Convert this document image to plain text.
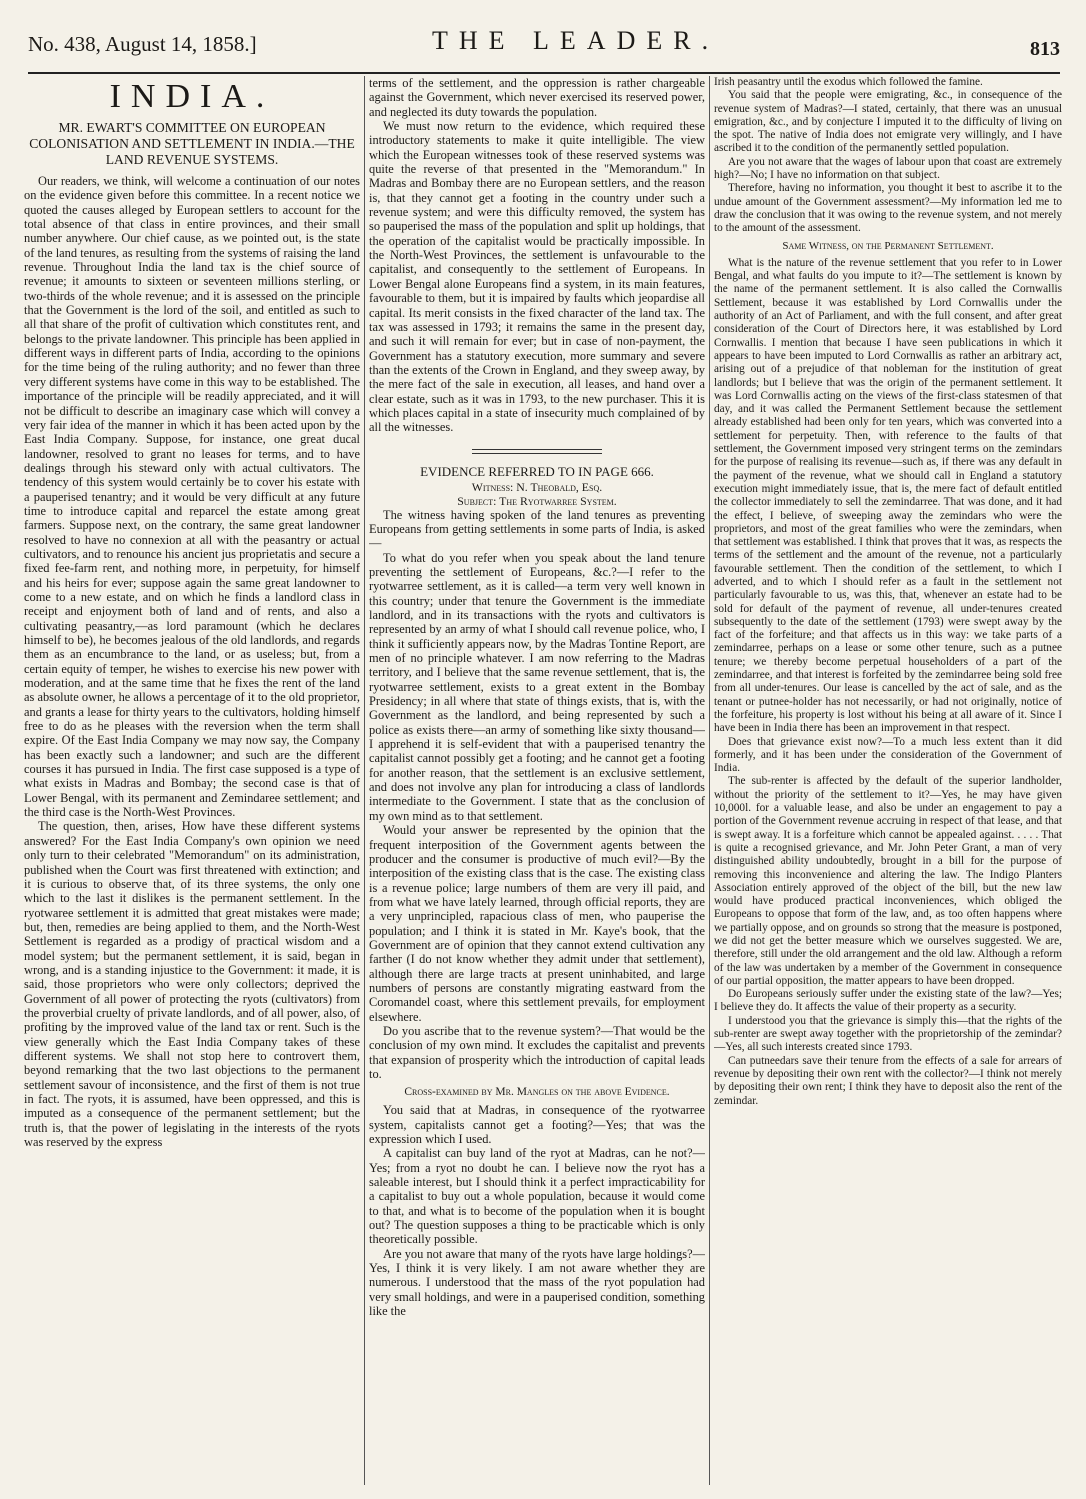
No. 438, August 14, 1858.]	THE LEADER.	813
INDIA.
MR. EWART'S COMMITTEE ON EUROPEAN COLONISATION AND SETTLEMENT IN INDIA.—THE LAND REVENUE SYSTEMS.

Our readers, we think, will welcome a continuation of our notes on the evidence given before this committee. In a recent notice we quoted the causes alleged by European settlers to account for the total absence of that class in entire provinces, and their small number anywhere. Our chief cause, as we pointed out, is the state of the land tenures, as resulting from the systems of raising the land revenue. Throughout India the land tax is the chief source of revenue; it amounts to sixteen or seventeen millions sterling, or two-thirds of the whole revenue; and it is assessed on the principle that the Government is the lord of the soil, and entitled as such to all that share of the profit of cultivation which constitutes rent, and belongs to the private landowner. This principle has been applied in different ways in different parts of India, according to the opinions for the time being of the ruling authority; and no fewer than three very different systems have come in this way to be established. The importance of the principle will be readily appreciated, and it will not be difficult to describe an imaginary case which will convey a very fair idea of the manner in which it has been acted upon by the East India Company. Suppose, for instance, one great ducal landowner, resolved to grant no leases for terms, and to have dealings through his steward only with actual cultivators. The tendency of this system would certainly be to cover his estate with a pauperised tenantry; and it would be very difficult at any future time to introduce capital and reparcel the estate among great farmers. Suppose next, on the contrary, the same great landowner resolved to have no connexion at all with the peasantry or actual cultivators, and to renounce his ancient jus proprietatis and secure a fixed fee-farm rent, and nothing more, in perpetuity, for himself and his heirs for ever; suppose again the same great landowner to come to a new estate, and on which he finds a landlord class in receipt and enjoyment both of land and of rents, and also a cultivating peasantry,—as lord paramount (which he declares himself to be), he becomes jealous of the old landlords, and regards them as an encumbrance to the land, or as useless; but, from a certain equity of temper, he wishes to exercise his new power with moderation, and at the same time that he fixes the rent of the land as absolute owner, he allows a percentage of it to the old proprietor, and grants a lease for thirty years to the cultivators, holding himself free to do as he pleases with the reversion when the term shall expire. Of the East India Company we may now say, the Company has been exactly such a landowner; and such are the different courses it has pursued in India. The first case supposed is a type of what exists in Madras and Bombay; the second case is that of Lower Bengal, with its permanent and Zemindaree settlement; and the third case is the North-West Provinces.

The question, then, arises, How have these different systems answered? For the East India Company's own opinion we need only turn to their celebrated "Memorandum" on its administration, published when the Court was first threatened with extinction; and it is curious to observe that, of its three systems, the only one which to the last it dislikes is the permanent settlement. In the ryotwaree settlement it is admitted that great mistakes were made; but, then, remedies are being applied to them, and the North-West Settlement is regarded as a prodigy of practical wisdom and a model system; but the permanent settlement, it is said, began in wrong, and is a standing injustice to the Government: it made, it is said, those proprietors who were only collectors; deprived the Government of all power of protecting the ryots (cultivators) from the proverbial cruelty of private landlords, and of all power, also, of profiting by the improved value of the land tax or rent. Such is the view generally which the East India Company takes of these different systems. We shall not stop here to controvert them, beyond remarking that the two last objections to the permanent settlement savour of inconsistence, and the first of them is not true in fact. The ryots, it is assumed, have been oppressed, and this is imputed as a consequence of the permanent settlement; but the truth is, that the power of legislating in the interests of the ryots was reserved by the express

terms of the settlement, and the oppression is rather chargeable against the Government, which never exercised its reserved power, and neglected its duty towards the population.

We must now return to the evidence, which required these introductory statements to make it quite intelligible. The view which the European witnesses took of these reserved systems was quite the reverse of that presented in the "Memorandum." In Madras and Bombay there are no European settlers, and the reason is, that they cannot get a footing in the country under such a revenue system; and were this difficulty removed, the system has so pauperised the mass of the population and split up holdings, that the operation of the capitalist would be practically impossible. In the North-West Provinces, the settlement is unfavourable to the capitalist, and consequently to the settlement of Europeans. In Lower Bengal alone Europeans find a system, in its main features, favourable to them, but it is impaired by faults which jeopardise all capital. Its merit consists in the fixed character of the land tax. The tax was assessed in 1793; it remains the same in the present day, and such it will remain for ever; but in case of non-payment, the Government has a statutory execution, more summary and severe than the extents of the Crown in England, and they sweep away, by the mere fact of the sale in execution, all leases, and hand over a clear estate, such as it was in 1793, to the new purchaser. This it is which places capital in a state of insecurity much complained of by all the witnesses.

EVIDENCE REFERRED TO IN PAGE 666.
Witness: N. Theobald, Esq.
Subject: The Ryotwarree System.

The witness having spoken of the land tenures as preventing Europeans from getting settlements in some parts of India, is asked—

To what do you refer when you speak about the land tenure preventing the settlement of Europeans, &c.?—I refer to the ryotwarree settlement, as it is called—a term very well known in this country; under that tenure the Government is the immediate landlord, and in its transactions with the ryots and cultivators is represented by an army of what I should call revenue police, who, I think it sufficiently appears now, by the Madras Tontine Report, are men of no principle whatever. I am now referring to the Madras territory, and I believe that the same revenue settlement, that is, the ryotwarree settlement, exists to a great extent in the Bombay Presidency; in all where that state of things exists, that is, with the Government as the landlord, and being represented by such a police as exists there—an army of something like sixty thousand—I apprehend it is self-evident that with a pauperised tenantry the capitalist cannot possibly get a footing; and he cannot get a footing for another reason, that the settlement is an exclusive settlement, and does not involve any plan for introducing a class of landlords intermediate to the Government. I state that as the conclusion of my own mind as to that settlement.

Would your answer be represented by the opinion that the frequent interposition of the Government agents between the producer and the consumer is productive of much evil?—By the interposition of the existing class that is the case. The existing class is a revenue police; large numbers of them are very ill paid, and from what we have lately learned, through official reports, they are a very unprincipled, rapacious class of men, who pauperise the population; and I think it is stated in Mr. Kaye's book, that the Government are of opinion that they cannot extend cultivation any farther (I do not know whether they admit under that settlement), although there are large tracts at present uninhabited, and large numbers of persons are constantly migrating eastward from the Coromandel coast, where this settlement prevails, for employment elsewhere.

Do you ascribe that to the revenue system?—That would be the conclusion of my own mind. It excludes the capitalist and prevents that expansion of prosperity which the introduction of capital leads to.

Cross-examined by Mr. Mangles on the above Evidence.

You said that at Madras, in consequence of the ryotwarree system, capitalists cannot get a footing?—Yes; that was the expression which I used.

A capitalist can buy land of the ryot at Madras, can he not?—Yes; from a ryot no doubt he can. I believe now the ryot has a saleable interest, but I should think it a perfect impracticability for a capitalist to buy out a whole population, because it would come to that, and what is to become of the population when it is bought out? The question supposes a thing to be practicable which is only theoretically possible.

Are you not aware that many of the ryots have large holdings?—Yes, I think it is very likely. I am not aware whether they are numerous. I understood that the mass of the ryot population had very small holdings, and were in a pauperised condition, something like the

Irish peasantry until the exodus which followed the famine.

You said that the people were emigrating, &c., in consequence of the revenue system of Madras?—I stated, certainly, that there was an unusual emigration, &c., and by conjecture I imputed it to the difficulty of living on the spot. The native of India does not emigrate very willingly, and I have ascribed it to the condition of the permanently settled population.

Are you not aware that the wages of labour upon that coast are extremely high?—No; I have no information on that subject.

Therefore, having no information, you thought it best to ascribe it to the undue amount of the Government assessment?—My information led me to draw the conclusion that it was owing to the revenue system, and not merely to the amount of the assessment.

Same Witness, on the Permanent Settlement.

What is the nature of the revenue settlement that you refer to in Lower Bengal, and what faults do you impute to it?—The settlement is known by the name of the permanent settlement. It is also called the Cornwallis Settlement, because it was established by Lord Cornwallis under the authority of an Act of Parliament, and with the full consent, and after great consideration of the Court of Directors here, it was established by Lord Cornwallis. I mention that because I have seen publications in which it appears to have been imputed to Lord Cornwallis as rather an arbitrary act, arising out of a prejudice of that nobleman for the institution of great landlords; but I believe that was the origin of the permanent settlement. It was Lord Cornwallis acting on the views of the first-class statesmen of that day, and it was called the Permanent Settlement because the settlement already established had been only for ten years, which was converted into a settlement for perpetuity. Then, with reference to the faults of that settlement, the Government imposed very stringent terms on the zemindars for the purpose of realising its revenue—such as, if there was any default in the payment of the revenue, what we should call in England a statutory execution might immediately issue, that is, the mere fact of default entitled the collector immediately to sell the zemindarree. That was done, and it had the effect, I believe, of sweeping away the zemindars who were the proprietors, and most of the great families who were the zemindars, when that settlement was established. I think that proves that it was, as respects the terms of the settlement and the amount of the revenue, not a particularly favourable settlement. Then the condition of the settlement, to which I adverted, and to which I should refer as a fault in the settlement not particularly favourable to us, was this, that, whenever an estate had to be sold for default of the payment of revenue, all under-tenures created subsequently to the date of the settlement (1793) were swept away by the fact of the forfeiture; and that affects us in this way: we take parts of a zemindarree, perhaps on a lease or some other tenure, such as a putnee tenure; we thereby become perpetual householders of a part of the zemindarree, and that interest is forfeited by the zemindarree being sold free from all under-tenures. Our lease is cancelled by the act of sale, and as the tenant or putnee-holder has not necessarily, or had not originally, notice of the forfeiture, his property is lost without his being at all aware of it. Since I have been in India there has been an improvement in that respect.

Does that grievance exist now?—To a much less extent than it did formerly, and it has been under the consideration of the Government of India.

The sub-renter is affected by the default of the superior landholder, without the priority of the settlement to it?—Yes, he may have given 10,000l. for a valuable lease, and also be under an engagement to pay a portion of the Government revenue accruing in respect of that lease, and that is swept away. It is a forfeiture which cannot be appealed against. . . . . That is quite a recognised grievance, and Mr. John Peter Grant, a man of very distinguished ability undoubtedly, brought in a bill for the purpose of removing this inconvenience and altering the law. The Indigo Planters Association entirely approved of the object of the bill, but the new law would have produced practical inconveniences, which obliged the Europeans to oppose that form of the law, and, as too often happens where we partially oppose, and on grounds so strong that the measure is postponed, we did not get the better measure which we ourselves suggested. We are, therefore, still under the old arrangement and the old law. Although a reform of the law was undertaken by a member of the Government in consequence of our partial opposition, the matter appears to have been dropped.

Do Europeans seriously suffer under the existing state of the law?—Yes; I believe they do. It affects the value of their property as a security.

I understood you that the grievance is simply this—that the rights of the sub-renter are swept away together with the proprietorship of the zemindar?—Yes, all such interests created since 1793.

Can putneedars save their tenure from the effects of a sale for arrears of revenue by depositing their own rent with the collector?—I think not merely by depositing their own rent; I think they have to deposit also the rent of the zemindar.
